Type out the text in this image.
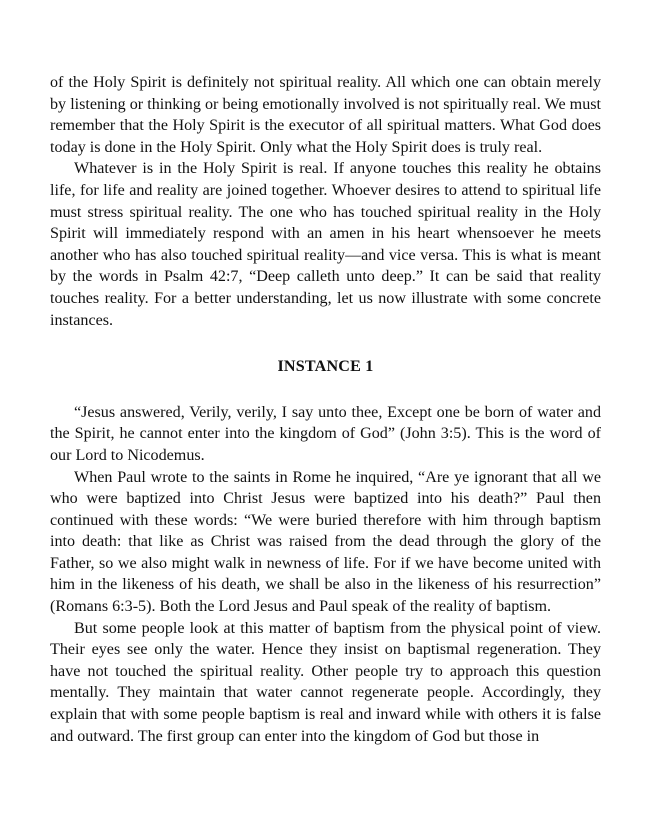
of the Holy Spirit is definitely not spiritual reality. All which one can obtain merely by listening or thinking or being emotionally involved is not spiritually real. We must remember that the Holy Spirit is the executor of all spiritual matters. What God does today is done in the Holy Spirit. Only what the Holy Spirit does is truly real.

Whatever is in the Holy Spirit is real. If anyone touches this reality he obtains life, for life and reality are joined together. Whoever desires to attend to spiritual life must stress spiritual reality. The one who has touched spiritual reality in the Holy Spirit will immediately respond with an amen in his heart whensoever he meets another who has also touched spiritual reality—and vice versa. This is what is meant by the words in Psalm 42:7, “Deep calleth unto deep.” It can be said that reality touches reality. For a better understanding, let us now illustrate with some concrete instances.

INSTANCE 1

“Jesus answered, Verily, verily, I say unto thee, Except one be born of water and the Spirit, he cannot enter into the kingdom of God” (John 3:5). This is the word of our Lord to Nicodemus.

When Paul wrote to the saints in Rome he inquired, “Are ye ignorant that all we who were baptized into Christ Jesus were baptized into his death?” Paul then continued with these words: “We were buried therefore with him through baptism into death: that like as Christ was raised from the dead through the glory of the Father, so we also might walk in newness of life. For if we have become united with him in the likeness of his death, we shall be also in the likeness of his resurrection” (Romans 6:3-5). Both the Lord Jesus and Paul speak of the reality of baptism.

But some people look at this matter of baptism from the physical point of view. Their eyes see only the water. Hence they insist on baptismal regeneration. They have not touched the spiritual reality. Other people try to approach this question mentally. They maintain that water cannot regenerate people. Accordingly, they explain that with some people baptism is real and inward while with others it is false and outward. The first group can enter into the kingdom of God but those in
